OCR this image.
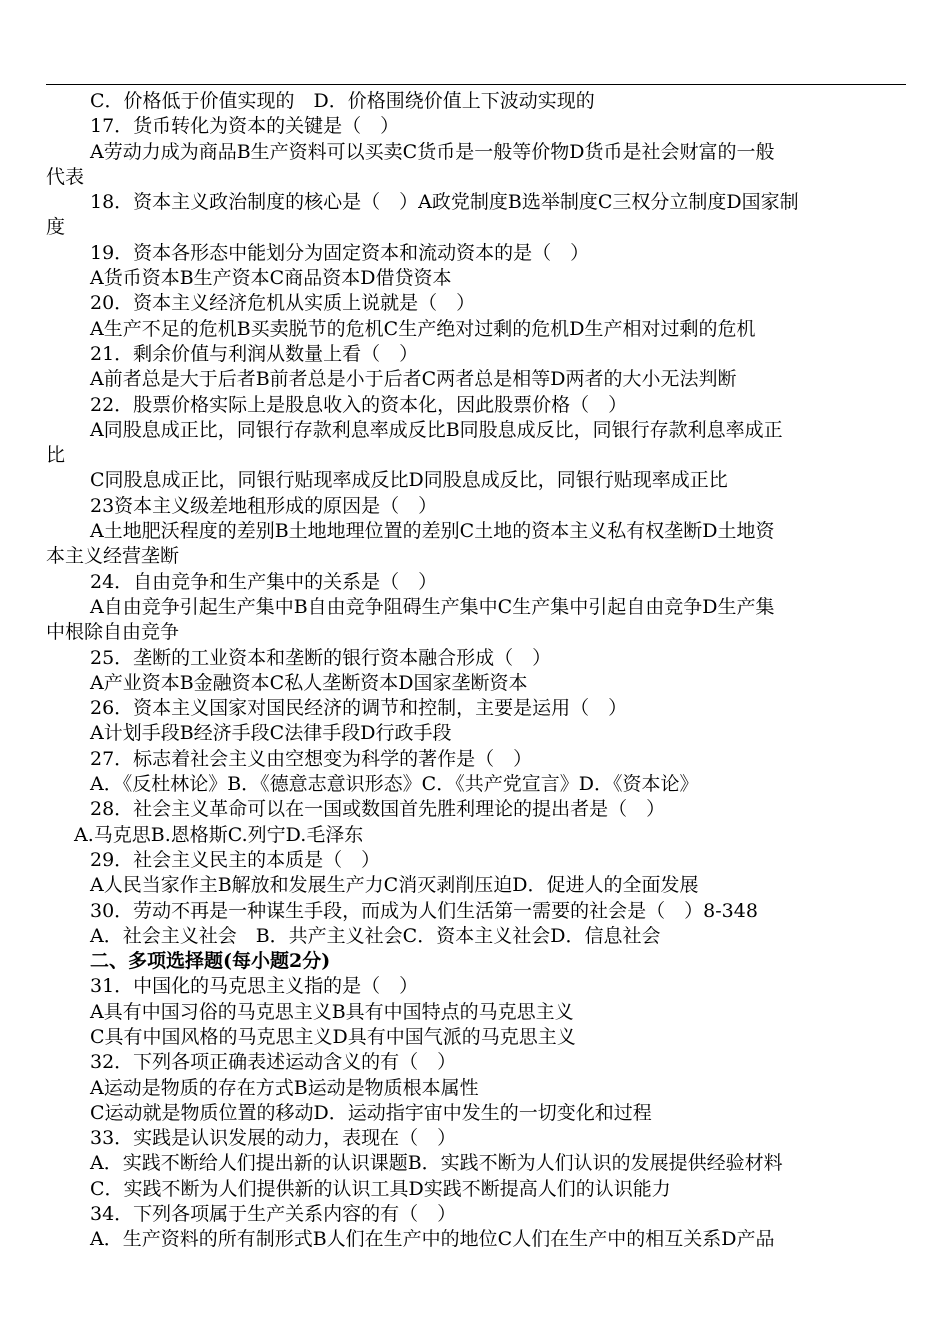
C．价格低于价值实现的　D．价格围绕价值上下波动实现的
17．货币转化为资本的关键是（　）
A劳动力成为商品B生产资料可以买卖C货币是一般等价物D货币是社会财富的一般
代表
18．资本主义政治制度的核心是（　）A政党制度B选举制度C三权分立制度D国家制
度
19．资本各形态中能划分为固定资本和流动资本的是（　）
A货币资本B生产资本C商品资本D借贷资本
20．资本主义经济危机从实质上说就是（　）
A生产不足的危机B买卖脱节的危机C生产绝对过剩的危机D生产相对过剩的危机
21．剩余价值与利润从数量上看（　）
A前者总是大于后者B前者总是小于后者C两者总是相等D两者的大小无法判断
22．股票价格实际上是股息收入的资本化，因此股票价格（　）
A同股息成正比，同银行存款利息率成反比B同股息成反比，同银行存款利息率成正
比
C同股息成正比，同银行贴现率成反比D同股息成反比，同银行贴现率成正比
23资本主义级差地租形成的原因是（　）
A土地肥沃程度的差别B土地地理位置的差别C土地的资本主义私有权垄断D土地资
本主义经营垄断
24．自由竞争和生产集中的关系是（　）
A自由竞争引起生产集中B自由竞争阻碍生产集中C生产集中引起自由竞争D生产集
中根除自由竞争
25．垄断的工业资本和垄断的银行资本融合形成（　）
A产业资本B金融资本C私人垄断资本D国家垄断资本
26．资本主义国家对国民经济的调节和控制，主要是运用（　）
A计划手段B经济手段C法律手段D行政手段
27．标志着社会主义由空想变为科学的著作是（　）
A．《反杜林论》B．《德意志意识形态》C．《共产党宣言》D．《资本论》
28．社会主义革命可以在一国或数国首先胜利理论的提出者是（　）
A.马克思B.恩格斯C.列宁D.毛泽东
29．社会主义民主的本质是（　）
A人民当家作主B解放和发展生产力C消灭剥削压迫D．促进人的全面发展
30．劳动不再是一种谋生手段，而成为人们生活第一需要的社会是（　）8-348
A．社会主义社会　B．共产主义社会C．资本主义社会D．信息社会
二、多项选择题(每小题2分)
31．中国化的马克思主义指的是（　）
A具有中国习俗的马克思主义B具有中国特点的马克思主义
C具有中国风格的马克思主义D具有中国气派的马克思主义
32．下列各项正确表述运动含义的有（　）
A运动是物质的存在方式B运动是物质根本属性
C运动就是物质位置的移动D．运动指宇宙中发生的一切变化和过程
33．实践是认识发展的动力，表现在（　）
A．实践不断给人们提出新的认识课题B．实践不断为人们认识的发展提供经验材料
C．实践不断为人们提供新的认识工具D实践不断提高人们的认识能力
34．下列各项属于生产关系内容的有（　）
A．生产资料的所有制形式B人们在生产中的地位C人们在生产中的相互关系D产品
